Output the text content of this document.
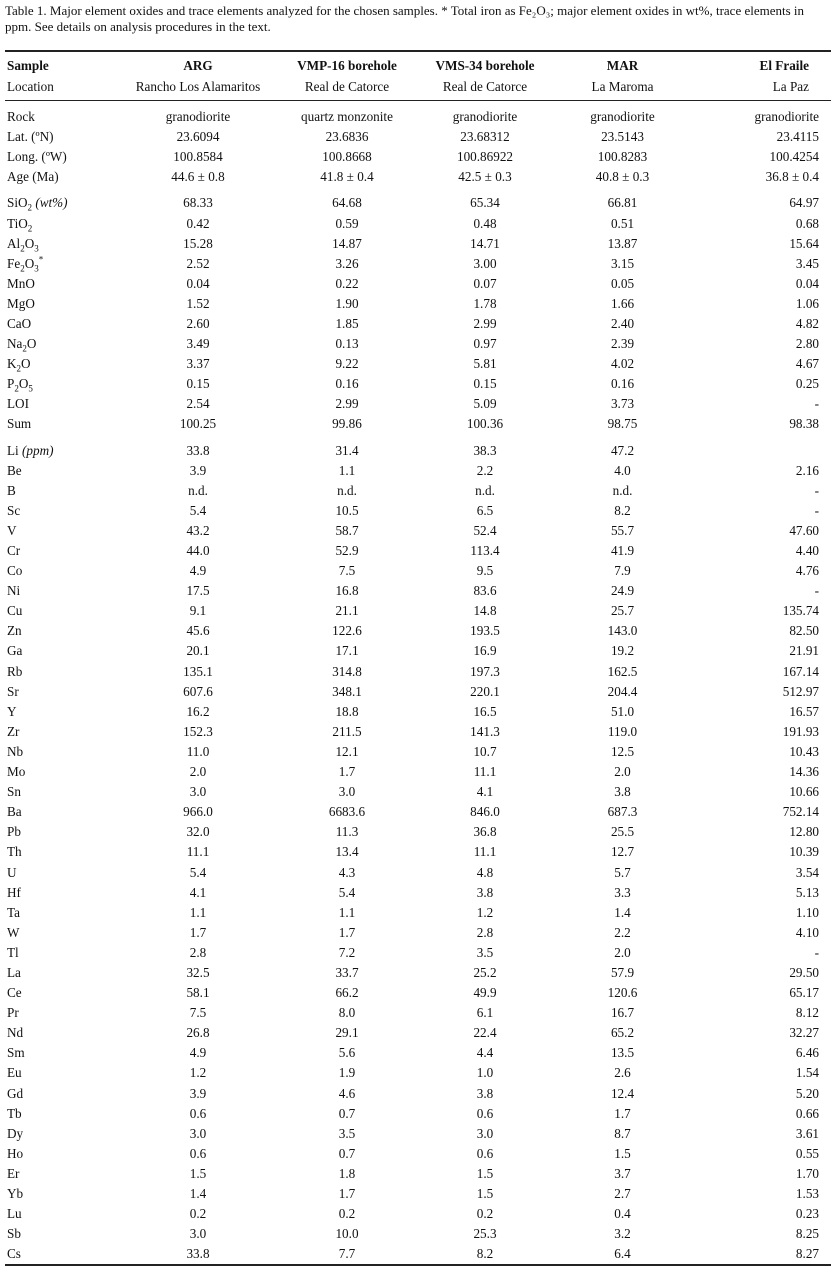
Table 1. Major element oxides and trace elements analyzed for the chosen samples. * Total iron as Fe₂O₃; major element oxides in wt%, trace elements in ppm. See details on analysis procedures in the text.
Sample	ARG	VMP-16 borehole	VMS-34 borehole	MAR	El Fraile
Location	Rancho Los Alamaritos	Real de Catorce	Real de Catorce	La Maroma	La Paz
Rock	granodiorite	quartz monzonite	granodiorite	granodiorite	granodiorite
Lat. (ºN)	23.6094	23.6836	23.68312	23.5143	23.4115
Long. (ºW)	100.8584	100.8668	100.86922	100.8283	100.4254
Age (Ma)	44.6 ± 0.8	41.8 ± 0.4	42.5 ± 0.3	40.8 ± 0.3	36.8 ± 0.4
SiO$_2$ (wt%)	68.33	64.68	65.34	66.81	64.97
TiO$_2$	0.42	0.59	0.48	0.51	0.68
$Al_2O_3$	15.28	14.87	14.71	13.87	15.64
$Fe_2O_3^*$	2.52	3.26	3.00	3.15	3.45
MnO	0.04	0.22	0.07	0.05	0.04
MgO	1.52	1.90	1.78	1.66	1.06
CaO	2.60	1.85	2.99	2.40	4.82
$Na_2O$	3.49	0.13	0.97	2.39	2.80
$K_2O$	3.37	9.22	5.81	4.02	4.67
$P_2O_5$	0.15	0.16	0.15	0.16	0.25
LOI	2.54	2.99	5.09	3.73	-
Sum	100.25	99.86	100.36	98.75	98.38
Li (ppm)	33.8	31.4	38.3	47.2	
Be	3.9	1.1	2.2	4.0	2.16
B	n.d.	n.d.	n.d.	n.d.	-
Sc	5.4	10.5	6.5	8.2	-
V	43.2	58.7	52.4	55.7	47.60
Cr	44.0	52.9	113.4	41.9	4.40
Co	4.9	7.5	9.5	7.9	4.76
Ni	17.5	16.8	83.6	24.9	-
Cu	9.1	21.1	14.8	25.7	135.74
Zn	45.6	122.6	193.5	143.0	82.50
Ga	20.1	17.1	16.9	19.2	21.91
Rb	135.1	314.8	197.3	162.5	167.14
Sr	607.6	348.1	220.1	204.4	512.97
Y	16.2	18.8	16.5	51.0	16.57
Zr	152.3	211.5	141.3	119.0	191.93
Nb	11.0	12.1	10.7	12.5	10.43
Mo	2.0	1.7	11.1	2.0	14.36
Sn	3.0	3.0	4.1	3.8	10.66
Ba	966.0	6683.6	846.0	687.3	752.14
Pb	32.0	11.3	36.8	25.5	12.80
Th	11.1	13.4	11.1	12.7	10.39
U	5.4	4.3	4.8	5.7	3.54
Hf	4.1	5.4	3.8	3.3	5.13
Ta	1.1	1.1	1.2	1.4	1.10
W	1.7	1.7	2.8	2.2	4.10
Tl	2.8	7.2	3.5	2.0	-
La	32.5	33.7	25.2	57.9	29.50
Ce	58.1	66.2	49.9	120.6	65.17
Pr	7.5	8.0	6.1	16.7	8.12
Nd	26.8	29.1	22.4	65.2	32.27
Sm	4.9	5.6	4.4	13.5	6.46
Eu	1.2	1.9	1.0	2.6	1.54
Gd	3.9	4.6	3.8	12.4	5.20
Tb	0.6	0.7	0.6	1.7	0.66
Dy	3.0	3.5	3.0	8.7	3.61
Ho	0.6	0.7	0.6	1.5	0.55
Er	1.5	1.8	1.5	3.7	1.70
Yb	1.4	1.7	1.5	2.7	1.53
Lu	0.2	0.2	0.2	0.4	0.23
Sb	3.0	10.0	25.3	3.2	8.25
Cs	33.8	7.7	8.2	6.4	8.27
